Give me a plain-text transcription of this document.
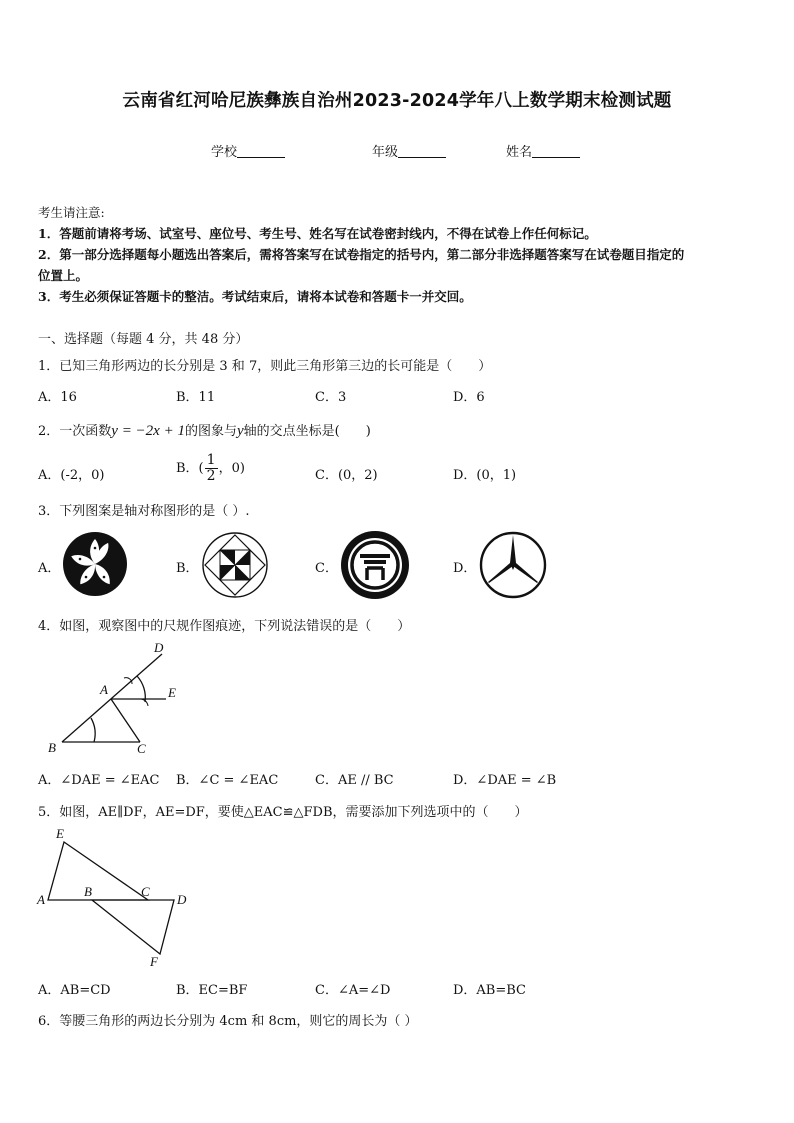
云南省红河哈尼族彝族自治州2023-2024学年八上数学期末检测试题
学校	年级	姓名
考生请注意:
1．答题前请将考场、试室号、座位号、考生号、姓名写在试卷密封线内，不得在试卷上作任何标记。
2．第一部分选择题每小题选出答案后，需将答案写在试卷指定的括号内，第二部分非选择题答案写在试卷题目指定的
位置上。
3．考生必须保证答题卡的整洁。考试结束后，请将本试卷和答题卡一并交回。
一、选择题（每题 4 分，共 48 分）
1．已知三角形两边的长分别是 3 和 7，则此三角形第三边的长可能是（　　）
A．16	B．11	C．3	D．6
2．一次函数y = −2x + 1的图象与y轴的交点坐标是(　　)
A．(-2，0)	B．( $\frac{1}{2}$ ，0)	C．(0，2)	D．(0，1)
3．下列图案是轴对称图形的是（ ）.
A．	B．	C．	D．
4．如图，观察图中的尺规作图痕迹，下列说法错误的是（　　）
D
A	E
B	C
A．∠DAE = ∠EAC B．∠C = ∠EAC	C．AE // BC	D．∠DAE = ∠B
5．如图，AE∥DF，AE=DF，要使△EAC≌△FDB，需要添加下列选项中的（　　）
E
A
B	C
D
F
A．AB=CD	B．EC=BF	C．∠A=∠D	D．AB=BC
6．等腰三角形的两边长分别为 4cm 和 8cm，则它的周长为（ ）
